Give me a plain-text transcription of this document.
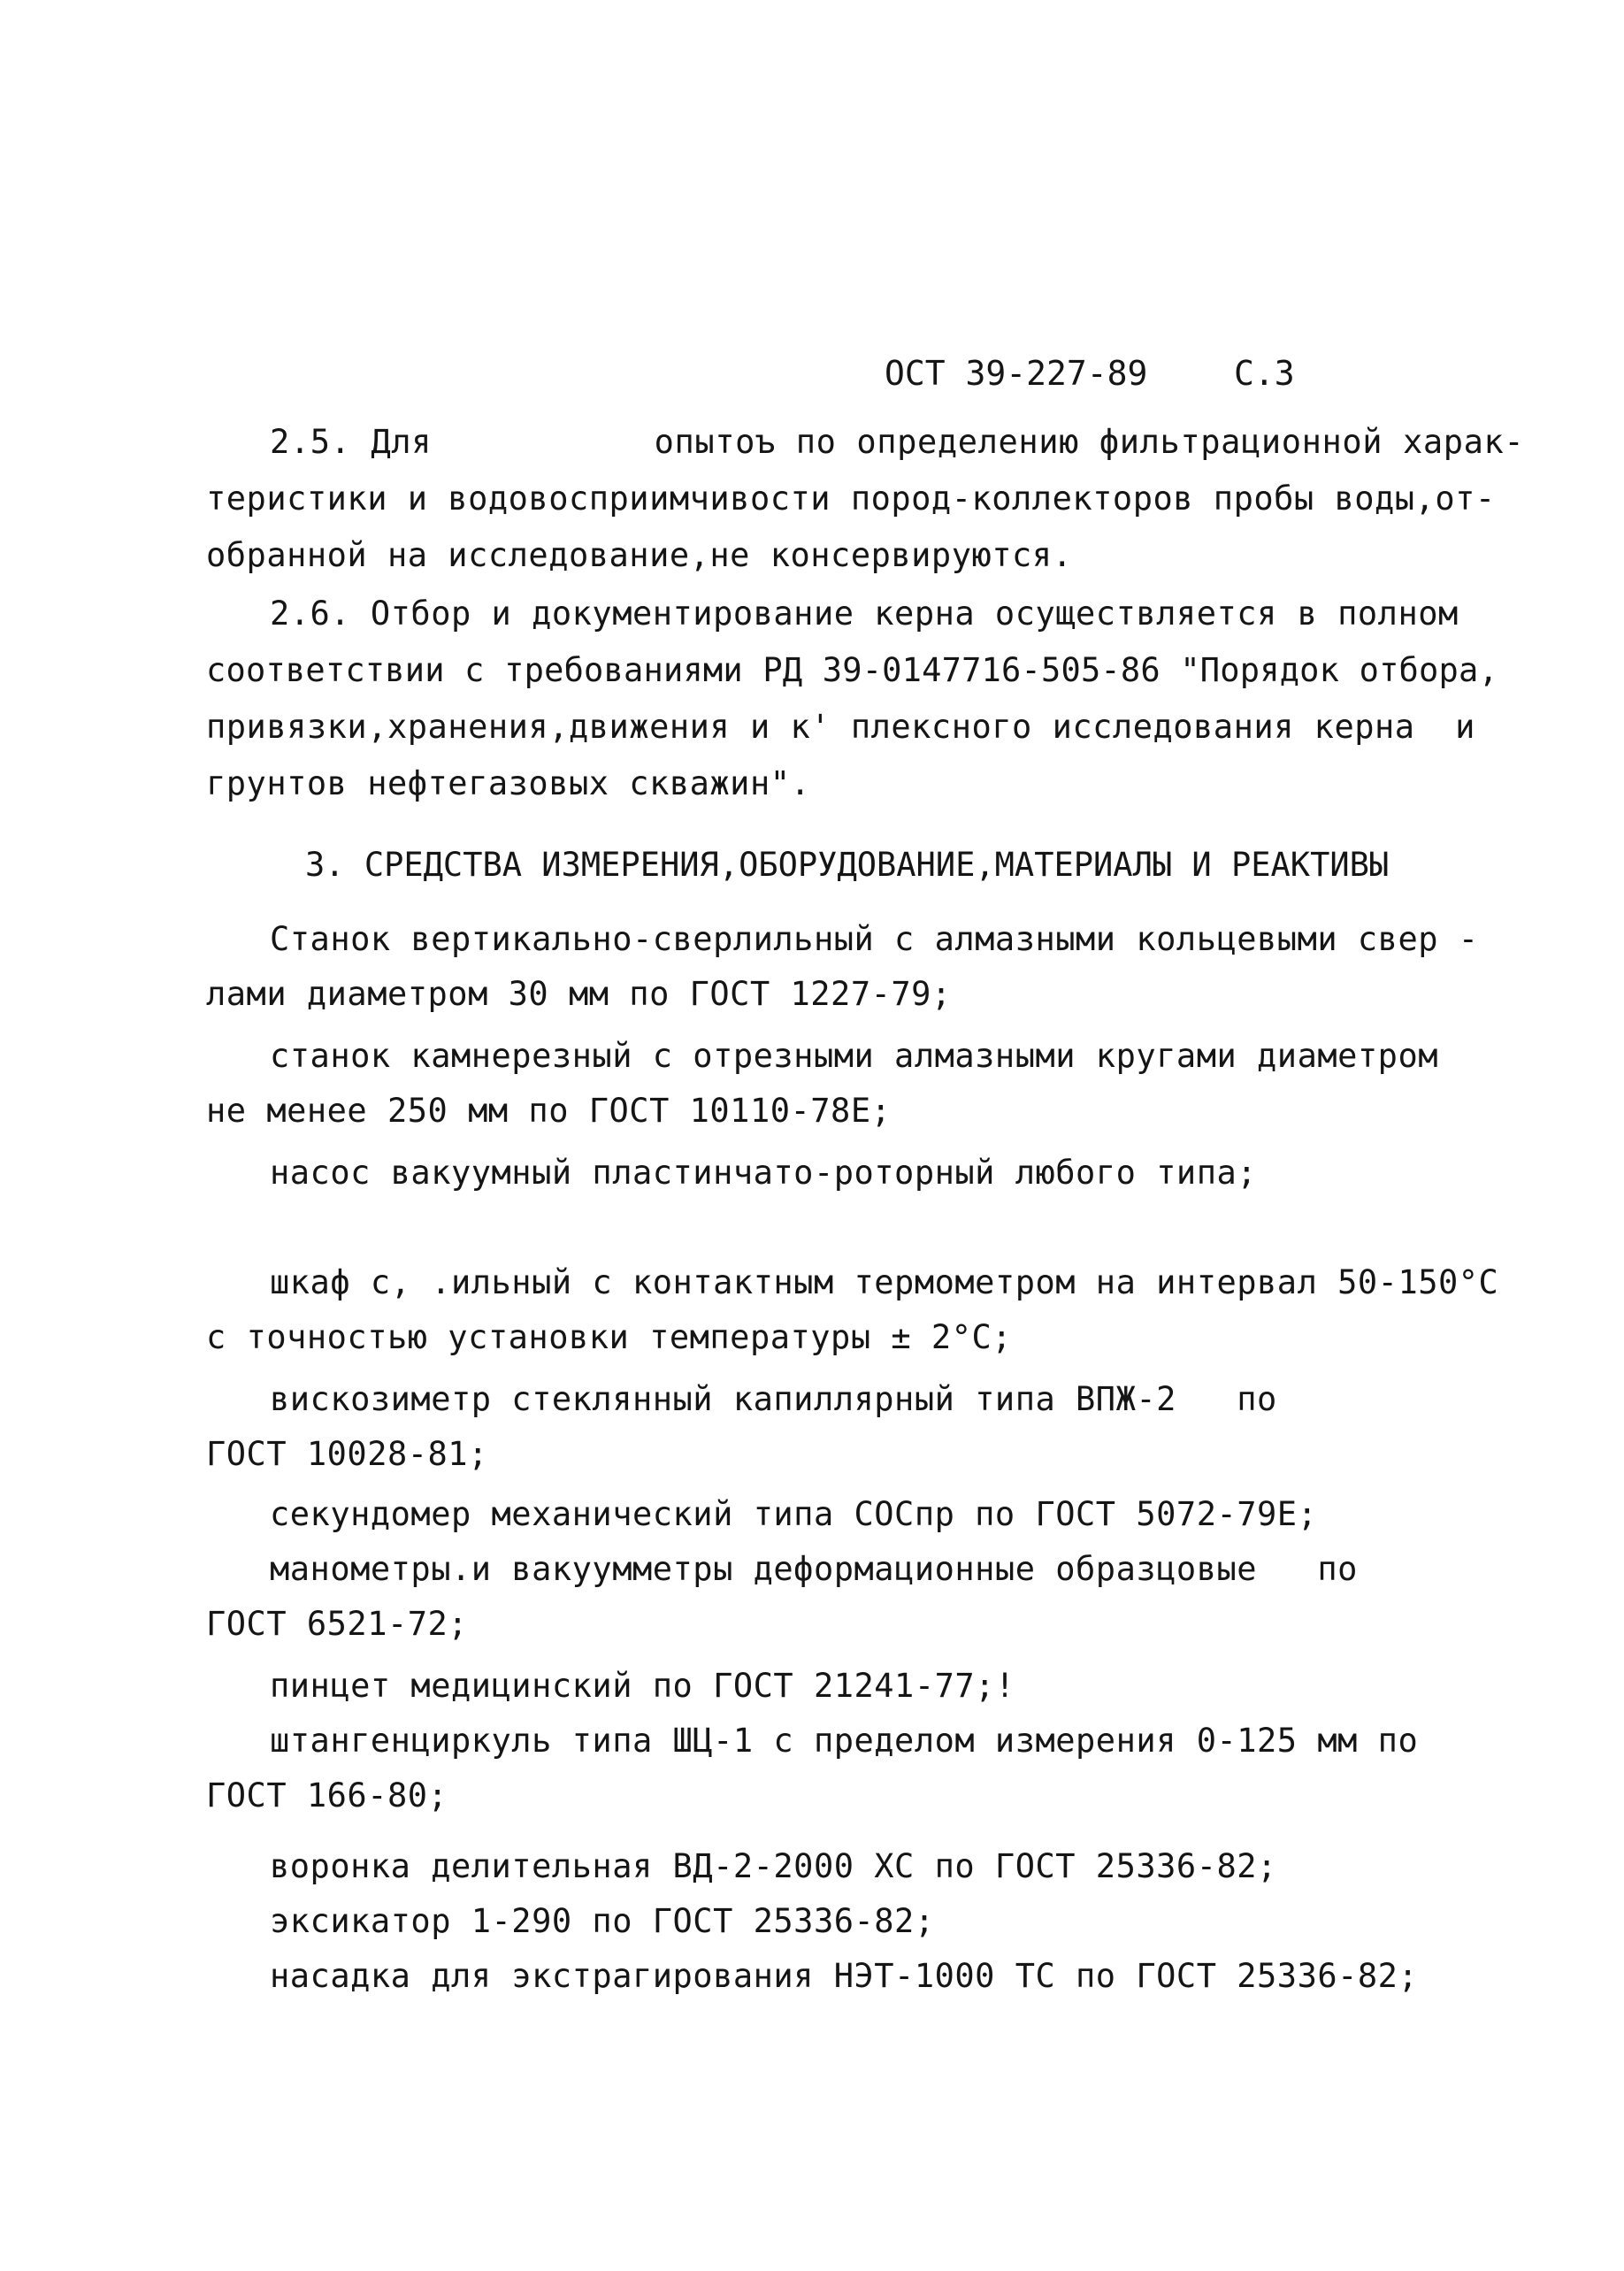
ОСТ 39-227-89	С.3
2.5. Для           опытоъ по определению фильтрационной харак-
теристики и водовосприимчивости пород-коллекторов пробы воды,от-
обранной на исследование,не консервируются.
2.6. Отбор и документирование керна осуществляется в полном
соответствии с требованиями РД 39-0147716-505-86 "Порядок отбора,
привязки,хранения,движения и к' плексного исследования керна  и
грунтов нефтегазовых скважин".
3. СРЕДСТВА ИЗМЕРЕНИЯ,ОБОРУДОВАНИЕ,МАТЕРИАЛЫ И РЕАКТИВЫ
Станок вертикально-сверлильный с алмазными кольцевыми свер -
лами диаметром 30 мм по ГОСТ 1227-79;
станок камнерезный с отрезными алмазными кругами диаметром
не менее 250 мм по ГОСТ 10110-78Е;
насос вакуумный пластинчато-роторный любого типа;
шкаф с, .ильный с контактным термометром на интервал 50-150°С
с точностью установки температуры ± 2°С;
вискозиметр стеклянный капиллярный типа ВПЖ-2   по
ГОСТ 10028-81;
секундомер механический типа СОСпр по ГОСТ 5072-79Е;
манометры.и вакуумметры деформационные образцовые   по
ГОСТ 6521-72;
пинцет медицинский по ГОСТ 21241-77;!
штангенциркуль типа ШЦ-1 с пределом измерения 0-125 мм по
ГОСТ 166-80;
воронка делительная ВД-2-2000 ХС по ГОСТ 25336-82;
эксикатор 1-290 по ГОСТ 25336-82;
насадка для экстрагирования НЭТ-1000 ТС по ГОСТ 25336-82;
